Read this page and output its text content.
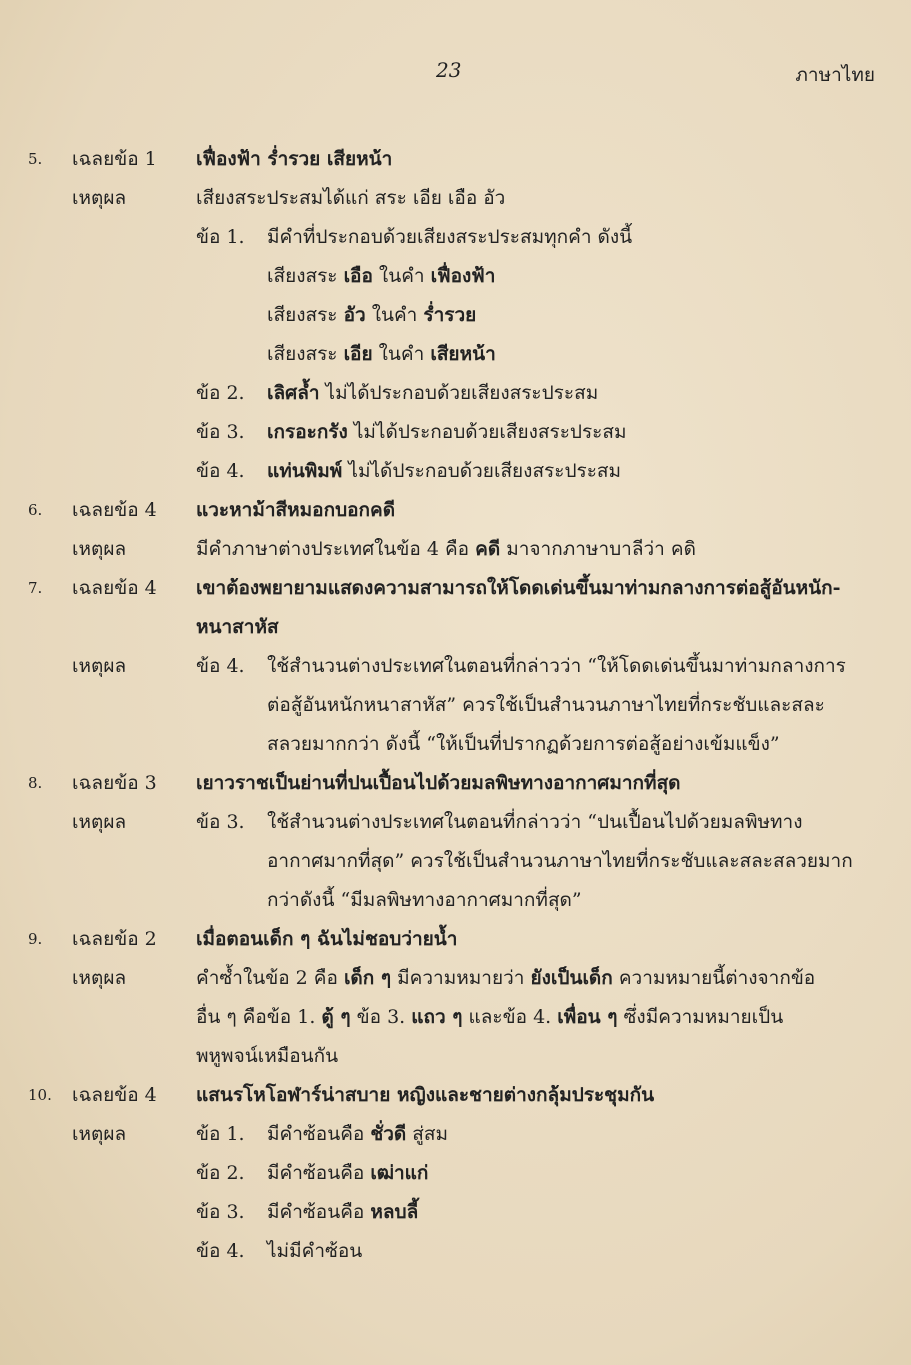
23	ภาษาไทย
5. เฉลยข้อ 1 เฟื่องฟ้า ร่ำรวย เสียหน้า
เหตุผล	เสียงสระประสมได้แก่ สระ เอีย เอือ อัว
ข้อ 1. มีคำที่ประกอบด้วยเสียงสระประสมทุกคำ ดังนี้
เสียงสระ เอือ ในคำ เฟื่องฟ้า
เสียงสระ อัว ในคำ ร่ำรวย
เสียงสระ เอีย ในคำ เสียหน้า
ข้อ 2. เลิศล้ำ ไม่ได้ประกอบด้วยเสียงสระประสม
ข้อ 3. เกรอะกรัง ไม่ได้ประกอบด้วยเสียงสระประสม
ข้อ 4. แท่นพิมพ์ ไม่ได้ประกอบด้วยเสียงสระประสม
6. เฉลยข้อ 4 แวะหาม้าสีหมอกบอกคดี
เหตุผล	มีคำภาษาต่างประเทศในข้อ 4 คือ คดี มาจากภาษาบาลีว่า คดิ
7. เฉลยข้อ 4 เขาต้องพยายามแสดงความสามารถให้โดดเด่นขึ้นมาท่ามกลางการต่อสู้อันหนัก-
หนาสาหัส
เหตุผล	ข้อ 4. ใช้สำนวนต่างประเทศในตอนที่กล่าวว่า “ให้โดดเด่นขึ้นมาท่ามกลางการ
ต่อสู้อันหนักหนาสาหัส” ควรใช้เป็นสำนวนภาษาไทยที่กระชับและสละ
สลวยมากกว่า ดังนี้ “ให้เป็นที่ปรากฏด้วยการต่อสู้อย่างเข้มแข็ง”
8. เฉลยข้อ 3 เยาวราชเป็นย่านที่ปนเปื้อนไปด้วยมลพิษทางอากาศมากที่สุด
เหตุผล	ข้อ 3. ใช้สำนวนต่างประเทศในตอนที่กล่าวว่า “ปนเปื้อนไปด้วยมลพิษทาง
อากาศมากที่สุด” ควรใช้เป็นสำนวนภาษาไทยที่กระชับและสละสลวยมาก
กว่าดังนี้ “มีมลพิษทางอากาศมากที่สุด”
9. เฉลยข้อ 2 เมื่อตอนเด็ก ๆ ฉันไม่ชอบว่ายน้ำ
เหตุผล	คำซ้ำในข้อ 2 คือ เด็ก ๆ มีความหมายว่า ยังเป็นเด็ก ความหมายนี้ต่างจากข้อ
อื่น ๆ คือข้อ 1. ตู้ ๆ ข้อ 3. แถว ๆ และข้อ 4. เพื่อน ๆ ซึ่งมีความหมายเป็น
พหูพจน์เหมือนกัน
10. เฉลยข้อ 4 แสนรโหโอฬาร์น่าสบาย หญิงและชายต่างกลุ้มประชุมกัน
เหตุผล	ข้อ 1. มีคำซ้อนคือ ชั่วดี สู่สม
ข้อ 2. มีคำซ้อนคือ เฒ่าแก่
ข้อ 3. มีคำซ้อนคือ หลบลี้
ข้อ 4. ไม่มีคำซ้อน
